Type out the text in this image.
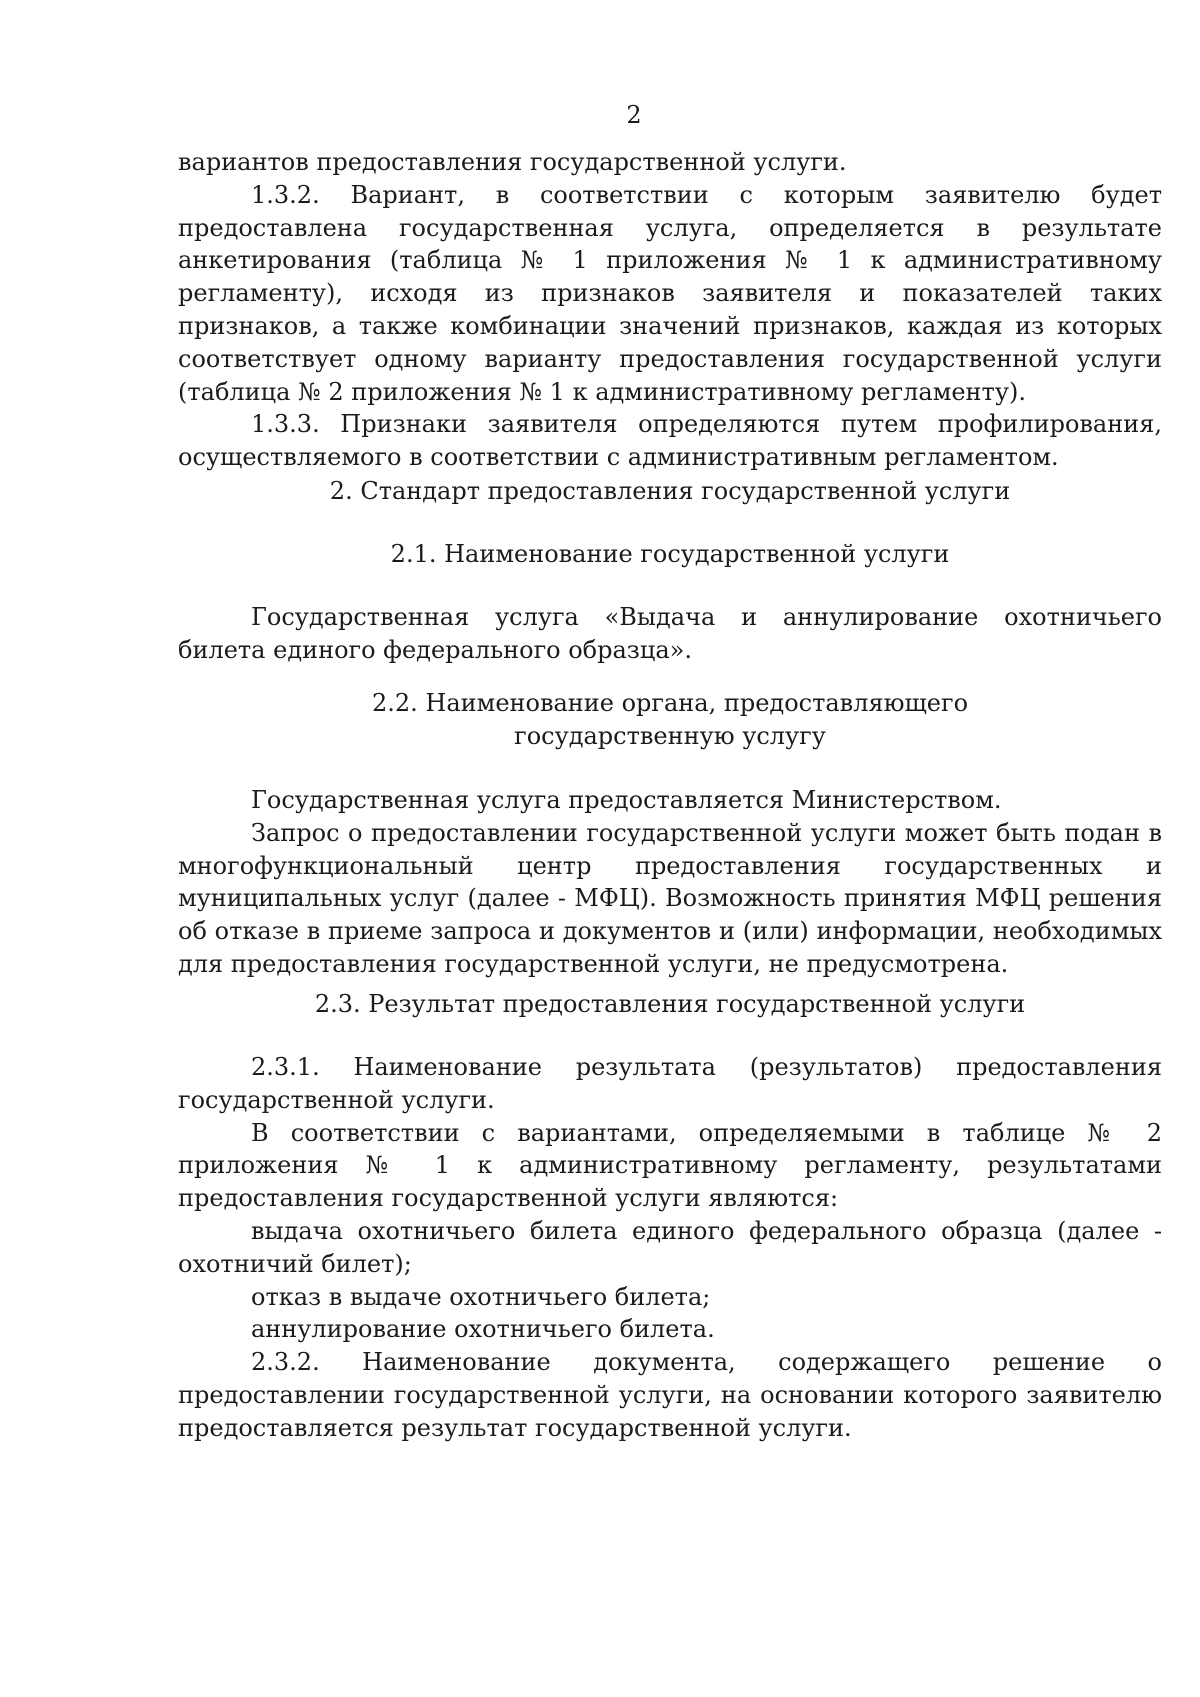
2

вариантов предоставления государственной услуги.

1.3.2. Вариант, в соответствии с которым заявителю будет предоставлена государственная услуга, определяется в результате анкетирования (таблица № 1 приложения № 1 к административному регламенту), исходя из признаков заявителя и показателей таких признаков, а также комбинации значений признаков, каждая из которых соответствует одному варианту предоставления государственной услуги (таблица № 2 приложения № 1 к административному регламенту).

1.3.3. Признаки заявителя определяются путем профилирования, осуществляемого в соответствии с административным регламентом.

2. Стандарт предоставления государственной услуги

2.1. Наименование государственной услуги

Государственная услуга «Выдача и аннулирование охотничьего билета единого федерального образца».

2.2. Наименование органа, предоставляющего

государственную услугу

Государственная услуга предоставляется Министерством.

Запрос о предоставлении государственной услуги может быть подан в многофункциональный центр предоставления государственных и муниципальных услуг (далее - МФЦ). Возможность принятия МФЦ решения об отказе в приеме запроса и документов и (или) информации, необходимых для предоставления государственной услуги, не предусмотрена.

2.3. Результат предоставления государственной услуги

2.3.1. Наименование результата (результатов) предоставления государственной услуги.

В соответствии с вариантами, определяемыми в таблице № 2 приложения № 1 к административному регламенту, результатами предоставления государственной услуги являются:

выдача охотничьего билета единого федерального образца (далее - охотничий билет);

отказ в выдаче охотничьего билета;

аннулирование охотничьего билета.

2.3.2. Наименование документа, содержащего решение о предоставлении государственной услуги, на основании которого заявителю предоставляется результат государственной услуги.
